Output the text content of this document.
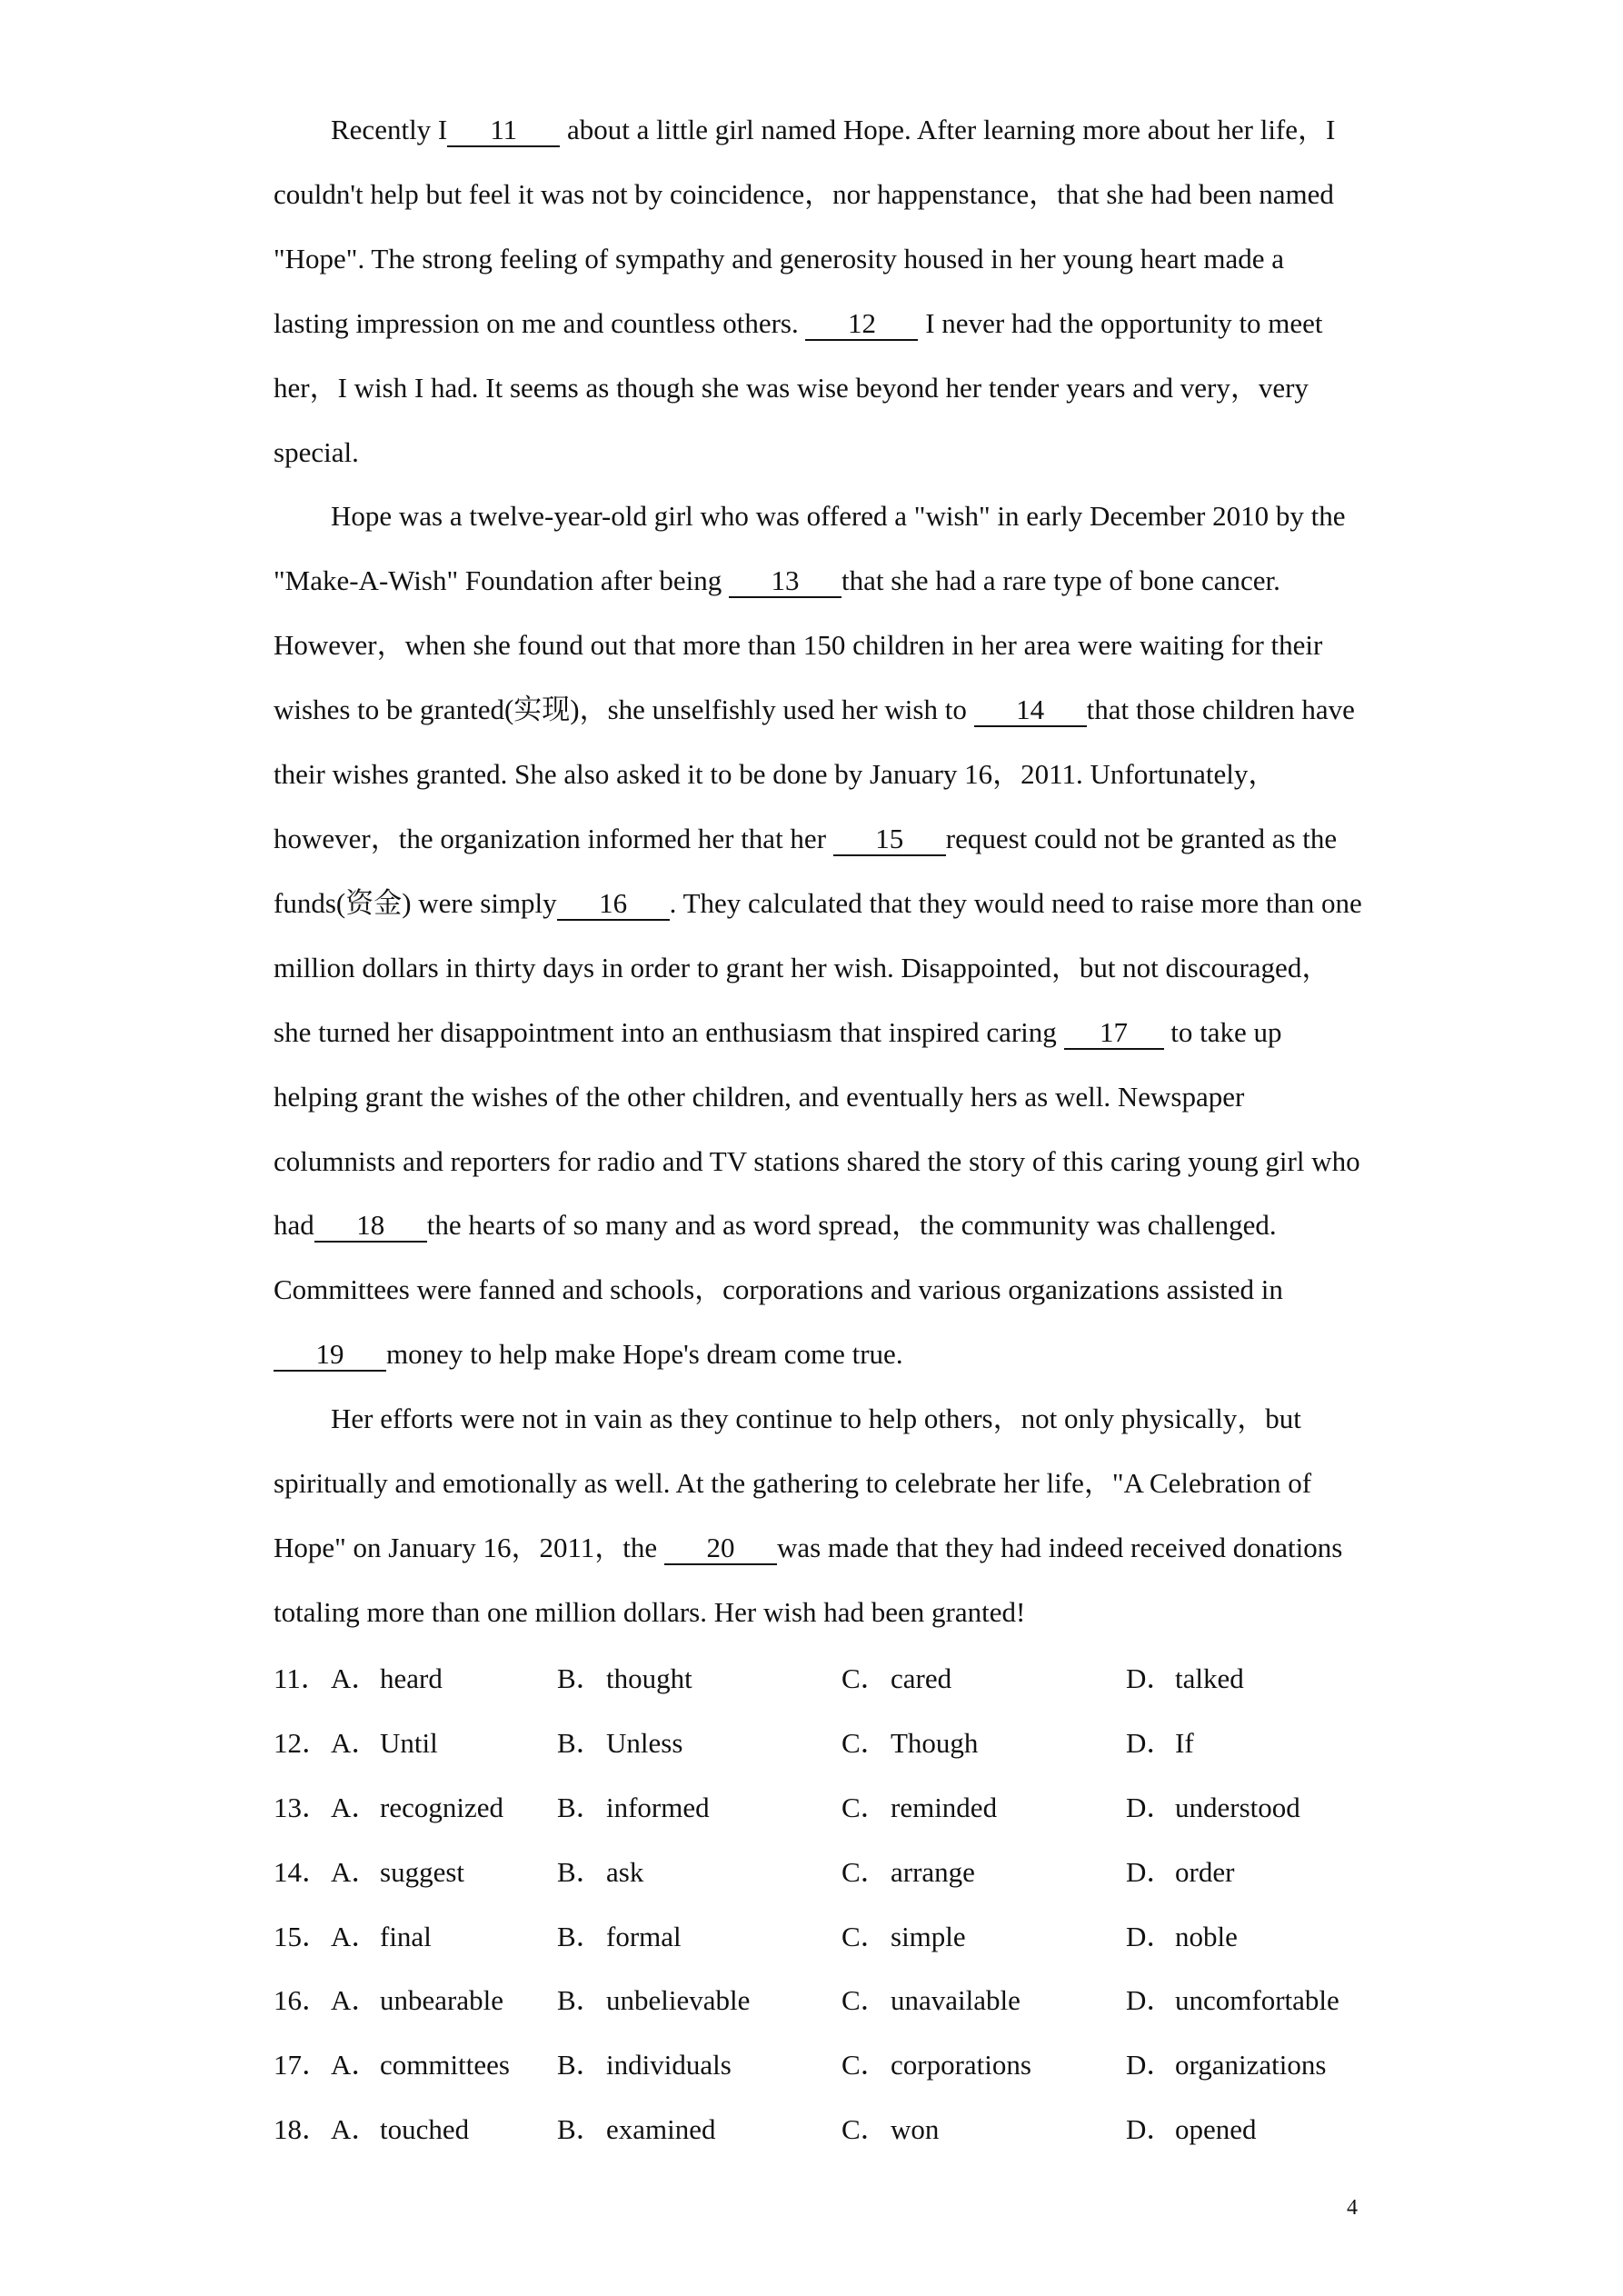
Recently I 11 about a little girl named Hope. After learning more about her life，I couldn't help but feel it was not by coincidence，nor happenstance，that she had been named "Hope". The strong feeling of sympathy and generosity housed in her young heart made a lasting impression on me and countless others. 12 I never had the opportunity to meet her，I wish I had. It seems as though she was wise beyond her tender years and very，very special.

Hope was a twelve-year-old girl who was offered a "wish" in early December 2010 by the "Make-A-Wish" Foundation after being 13 that she had a rare type of bone cancer. However，when she found out that more than 150 children in her area were waiting for their wishes to be granted(实现)，she unselfishly used her wish to 14 that those children have their wishes granted. She also asked it to be done by January 16，2011. Unfortunately，however，the organization informed her that her 15 request could not be granted as the funds(资金) were simply 16 . They calculated that they would need to raise more than one million dollars in thirty days in order to grant her wish. Disappointed，but not discouraged，she turned her disappointment into an enthusiasm that inspired caring 17 to take up helping grant the wishes of the other children, and eventually hers as well. Newspaper columnists and reporters for radio and TV stations shared the story of this caring young girl who had 18 the hearts of so many and as word spread，the community was challenged. Committees were fanned and schools，corporations and various organizations assisted in19 money to help make Hope's dream come true.

Her efforts were not in vain as they continue to help others，not only physically，but spiritually and emotionally as well. At the gathering to celebrate her life，"A Celebration of Hope" on January 16，2011，the 20 was made that they had indeed received donations totaling more than one million dollars. Her wish had been granted!

11． A．heard	B．thought	C．cared	D．talked
12． A．Until	B．Unless	C．Though	D．If
13． A．recognized B．informed	C．reminded	D．understood
14． A．suggest	B．ask	C．arrange	D．order
15． A．final	B．formal	C．simple	D．noble
16． A．unbearable B．unbelievable	C．unavailable	D．uncomfortable
17． A．committees B．individuals	C．corporations	D．organizations
18． A．touched	B．examined	C．won	D．opened
4
